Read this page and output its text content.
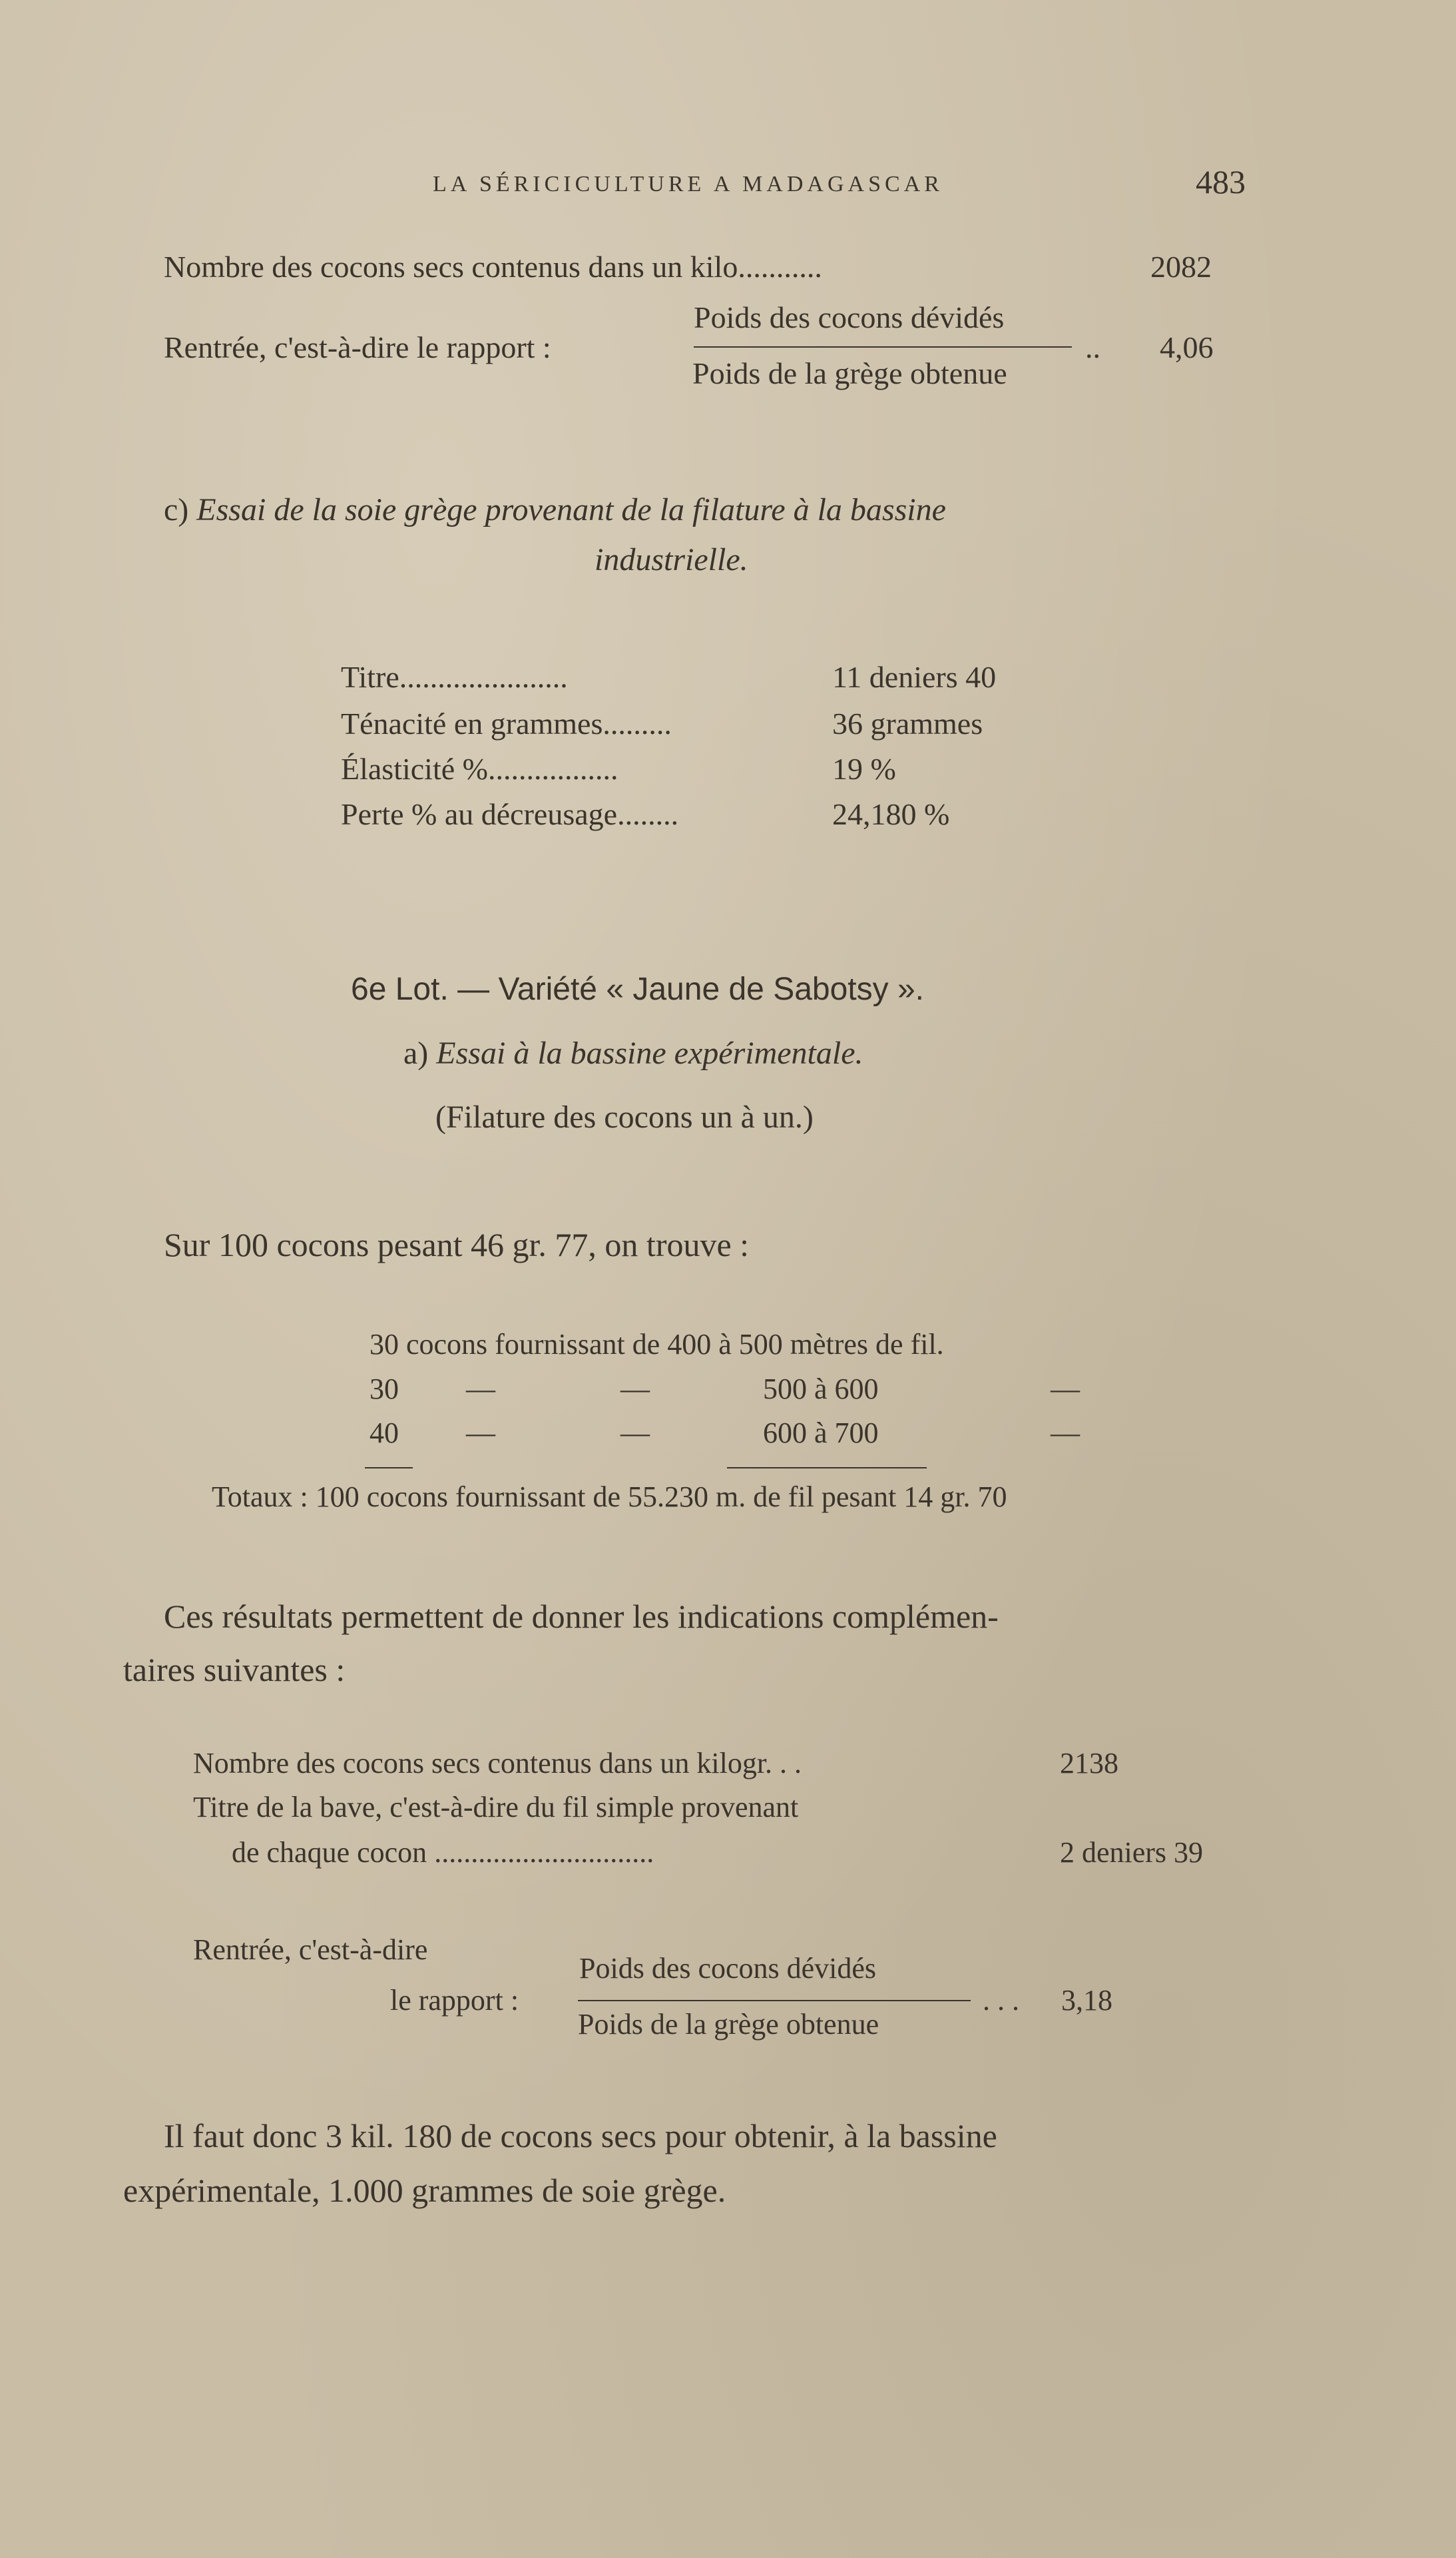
LA SÉRICICULTURE A MADAGASCAR	483
Nombre des cocons secs contenus dans un kilo...........	2082
Poids des cocons dévidés
Rentrée, c'est-à-dire le rapport :
Poids de la grège obtenue
.. 4,06
c) Essai de la soie grège provenant de la filature à la bassine
industrielle.
Titre......................	11 deniers 40
Ténacité en grammes.........	36 grammes
Élasticité %.................	19 %
Perte % au décreusage........	24,180 %
6e Lot. — Variété « Jaune de Sabotsy ».
a) Essai à la bassine expérimentale.
(Filature des cocons un à un.)
Sur 100 cocons pesant 46 gr. 77, on trouve :
30 cocons fournissant de 400 à 500 mètres de fil.
30 —	—	500 à 600	—
40 —	—	600 à 700	—
Totaux : 100 cocons fournissant de 55.230 m. de fil pesant 14 gr. 70
Ces résultats permettent de donner les indications complémen-
taires suivantes :
Nombre des cocons secs contenus dans un kilogr. . .	2138
Titre de la bave, c'est-à-dire du fil simple provenant
de chaque cocon ..............................	2 deniers 39
Rentrée, c'est-à-dire
le rapport :
Poids des cocons dévidés
Poids de la grège obtenue
. . . 3,18
Il faut donc 3 kil. 180 de cocons secs pour obtenir, à la bassine
expérimentale, 1.000 grammes de soie grège.
